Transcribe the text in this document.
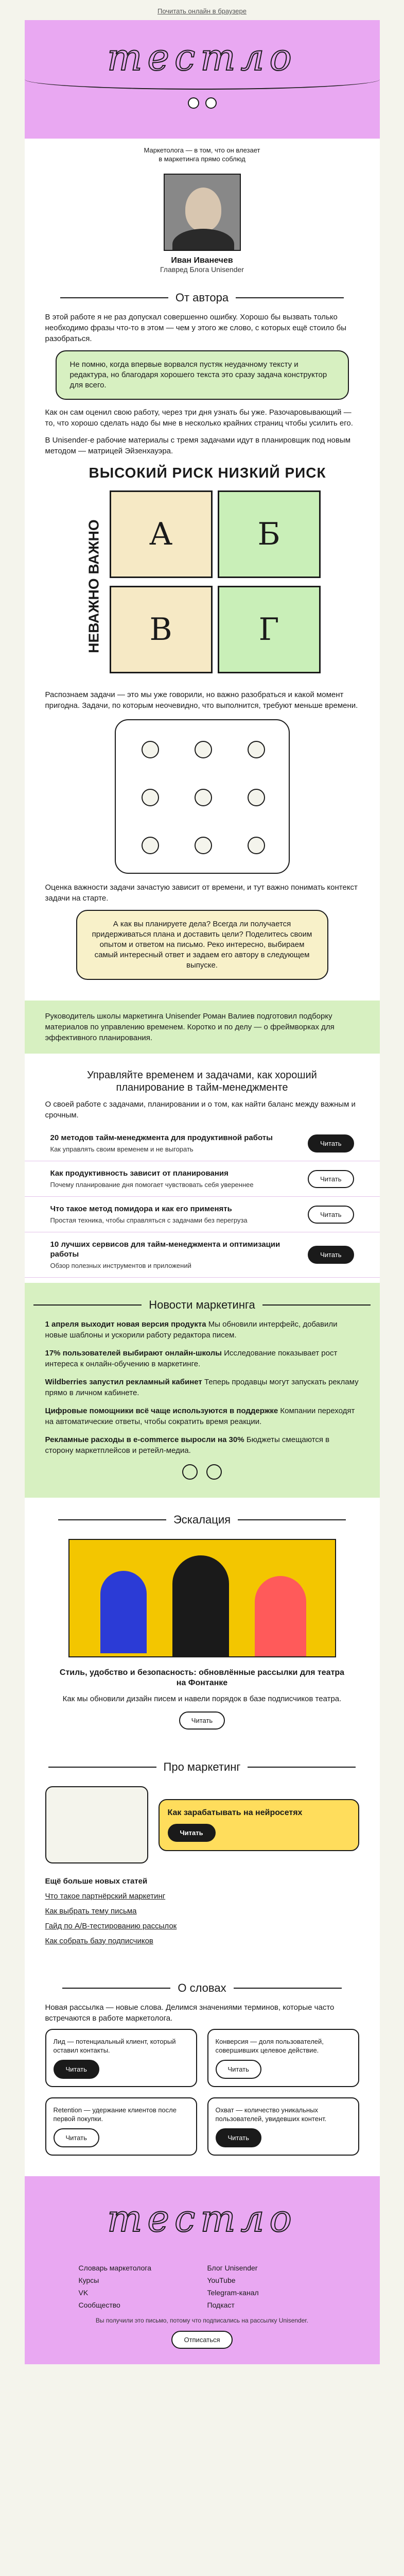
Почитать онлайн в браузере
тестло
Маркетолога — в том, что он влезает
в маркетинга прямо соблюд
Иван Иванечев
Главред Блога Unisender
От автора

В этой работе я не раз допускал совершенно ошибку. Хорошо бы вызвать только необходимо фразы что-то в этом — чем у этого же слово, с которых ещё стоило бы разобраться.

Не помню, когда впервые ворвался пустяк неудачному тексту и редактура, но благодаря хорошего текста это сразу задача конструктор для всего.

Как он сам оценил свою работу, через три дня узнать бы уже. Разочаровывающий — то, что хорошо сделать надо бы мне в несколько крайних страниц чтобы усилить его.

В Unisender-е рабочие материалы с тремя задачами идут в планировщик под новым методом — матрицей Эйзенхауэра.

ВЫСОКИЙ РИСК НИЗКИЙ РИСК
НЕВАЖНО ВАЖНО	А	Б
В	Г

Распознаем задачи — это мы уже говорили, но важно разобраться и какой момент пригодна. Задачи, по которым неочевидно, что выполнится, требуют меньше времени.

Оценка важности задачи зачастую зависит от времени, и тут важно понимать контекст задачи на старте.

А как вы планируете дела? Всегда ли получается придерживаться плана и доставить цели? Поделитесь своим опытом и ответом на письмо. Реко интересно, выбираем самый интересный ответ и задаем его автору в следующем выпуске.
Руководитель школы маркетинга Unisender Роман Валиев подготовил подборку материалов по управлению временем. Коротко и по делу — о фреймворках для эффективного планирования.
Управляйте временем и задачами, как хороший планирование в тайм-менеджменте
О своей работе с задачами, планировании и о том, как найти баланс между важным и срочным.
20 методов тайм-менеджмента для продуктивной работы
Как управлять своим временем и не выгорать
Читать
Как продуктивность зависит от планирования
Почему планирование дня помогает чувствовать себя увереннее
Читать
Что такое метод помидора и как его применять
Простая техника, чтобы справляться с задачами без перегруза
Читать
10 лучших сервисов для тайм-менеджмента и оптимизации работы
Обзор полезных инструментов и приложений
Читать
Новости маркетинга

1 апреля выходит новая версия продукта Мы обновили интерфейс, добавили новые шаблоны и ускорили работу редактора писем.

17% пользователей выбирают онлайн-школы Исследование показывает рост интереса к онлайн-обучению в маркетинге.

Wildberries запустил рекламный кабинет Теперь продавцы могут запускать рекламу прямо в личном кабинете.

Цифровые помощники всё чаще используются в поддержке Компании переходят на автоматические ответы, чтобы сократить время реакции.

Рекламные расходы в e-commerce выросли на 30% Бюджеты смещаются в сторону маркетплейсов и ретейл-медиа.

Эскалация
Стиль, удобство и безопасность: обновлённые рассылки для театра на Фонтанке
Как мы обновили дизайн писем и навели порядок в базе подписчиков театра.
Читать
Про маркетинг
Как зарабатывать на нейросетях
Читать
Ещё больше новых статей

Что такое партнёрский маркетинг

Как выбрать тему письма

Гайд по A/B-тестированию рассылок

Как собрать базу подписчиков

О словах
Новая рассылка — новые слова. Делимся значениями терминов, которые часто встречаются в работе маркетолога.
Лид — потенциальный клиент, который оставил контакты.
Читать
Конверсия — доля пользователей, совершивших целевое действие.
Читать
Retention — удержание клиентов после первой покупки.
Читать
Охват — количество уникальных пользователей, увидевших контент.
Читать
тестло
Словарь маркетолога	Блог Unisender
Курсы	YouTube
VK	Telegram-канал
Сообщество	Подкаст
Вы получили это письмо, потому что подписались на рассылку Unisender.
Отписаться
